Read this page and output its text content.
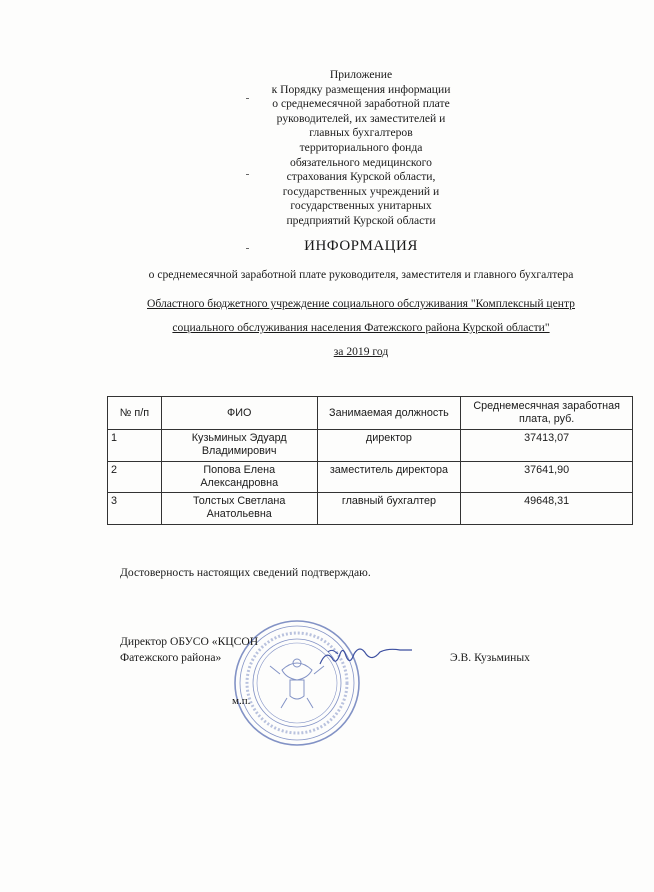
Приложение
к Порядку размещения информации
о среднемесячной заработной плате
руководителей, их заместителей и
главных бухгалтеров
территориального фонда
обязательного медицинского
страхования Курской области,
государственных учреждений и
государственных унитарных
предприятий Курской области
ИНФОРМАЦИЯ
о среднемесячной заработной плате руководителя, заместителя и главного бухгалтера
Областного бюджетного учреждение социального обслуживания "Комплексный центр
социального обслуживания населения Фатежского района Курской области"
за 2019 год
№ п/п	ФИО	Занимаемая должность	Среднемесячная заработная плата, руб.
1	Кузьминых Эдуард Владимирович	директор	37413,07
2	Попова Елена Александровна	заместитель директора	37641,90
3	Толстых Светлана Анатольевна	главный бухгалтер	49648,31
Достоверность настоящих сведений подтверждаю.
Директор ОБУСО «КЦСОН
Фатежского района»	Э.В. Кузьминых
м.п.
